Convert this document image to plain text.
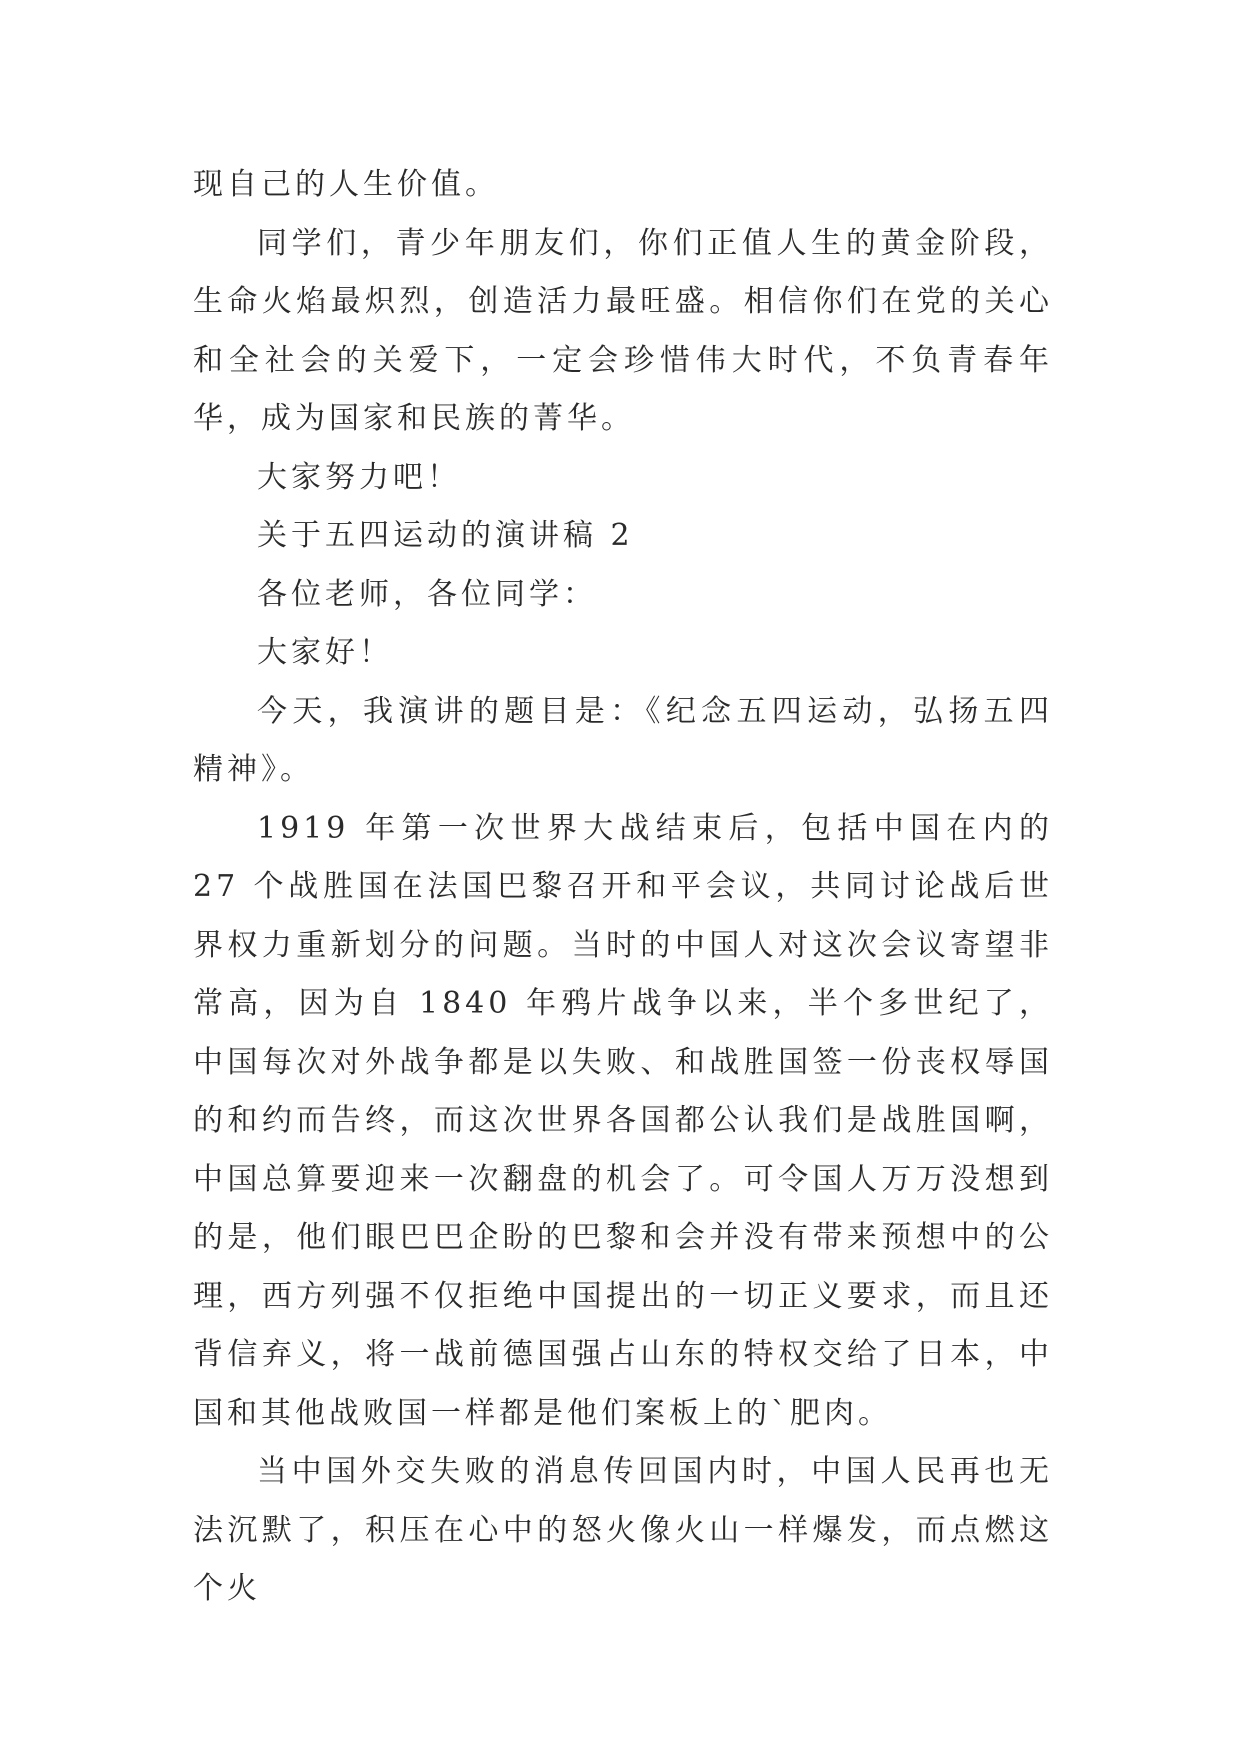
现自己的人生价值。

同学们，青少年朋友们，你们正值人生的黄金阶段，生命火焰最炽烈，创造活力最旺盛。相信你们在党的关心和全社会的关爱下，一定会珍惜伟大时代，不负青春年华，成为国家和民族的菁华。

大家努力吧！

关于五四运动的演讲稿 2

各位老师，各位同学：

大家好！

今天，我演讲的题目是：《纪念五四运动，弘扬五四精神》。

1919 年第一次世界大战结束后，包括中国在内的 27 个战胜国在法国巴黎召开和平会议，共同讨论战后世界权力重新划分的问题。当时的中国人对这次会议寄望非常高，因为自 1840 年鸦片战争以来，半个多世纪了，中国每次对外战争都是以失败、和战胜国签一份丧权辱国的和约而告终，而这次世界各国都公认我们是战胜国啊，中国总算要迎来一次翻盘的机会了。可令国人万万没想到的是，他们眼巴巴企盼的巴黎和会并没有带来预想中的公理，西方列强不仅拒绝中国提出的一切正义要求，而且还背信弃义，将一战前德国强占山东的特权交给了日本，中国和其他战败国一样都是他们案板上的`肥肉。

当中国外交失败的消息传回国内时，中国人民再也无法沉默了，积压在心中的怒火像火山一样爆发，而点燃这个火
